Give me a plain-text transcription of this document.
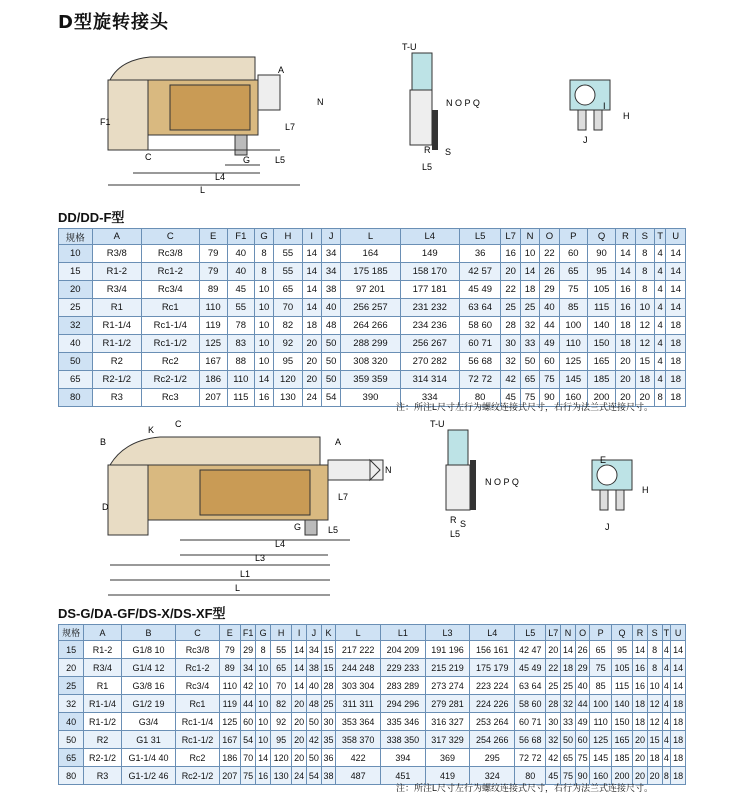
D型旋转接头
C
F1
G	L5
L4
L
L7
A
N
T-U
N O P Q
R S
L5
I
H
J
DD/DD-F型
规格	A	C	E	F1	G	H	I	J	L	L4	L5	L7	N	O	P	Q	R	S	T	U
10	R3/8	Rc3/8	79	40	8	55	14	34	164	149	36	16	10	22	60	90	14	8	4	14
15	R1-2	Rc1-2	79	40	8	55	14	34	175 185	158 170	42 57	20	14	26	65	95	14	8	4	14
20	R3/4	Rc3/4	89	45	10	65	14	38	97 201	177 181	45 49	22	18	29	75	105	16	8	4	14
25	R1	Rc1	110	55	10	70	14	40	256 257	231 232	63 64	25	25	40	85	115	16	10	4	14
32	R1-1/4	Rc1-1/4	119	78	10	82	18	48	264 266	234 236	58 60	28	32	44	100	140	18	12	4	18
40	R1-1/2	Rc1-1/2	125	83	10	92	20	50	288 299	256 267	60 71	30	33	49	110	150	18	12	4	18
50	R2	Rc2	167	88	10	95	20	50	308 320	270 282	56 68	32	50	60	125	165	20	15	4	18
65	R2-1/2	Rc2-1/2	186	110	14	120	20	50	359 359	314 314	72 72	42	65	75	145	185	20	18	4	18
80	R3	Rc3	207	115	16	130	24	54	390	334	80	45	75	90	160	200	20	20	8	18
注：所注L尺寸左行为螺纹连接式尺寸，右行为法兰式连接尺寸。
B
K
C
D
A
N
L7
G	L5
L4
L3
L1
L
T-U
N O P Q
R S
L5
E
H
J
DS-G/DA-GF/DS-X/DS-XF型
规格	A	B	C	E	F1	G	H	I	J	K	L	L1	L3	L4	L5	L7	N	O	P	Q	R	S	T	U
15	R1-2	G1/8 10	Rc3/8	79	29	8	55	14	34	15	217 222	204 209	191 196	156 161	42 47	20	14	26	65	95	14	8	4	14
20	R3/4	G1/4 12	Rc1-2	89	34	10	65	14	38	15	244 248	229 233	215 219	175 179	45 49	22	18	29	75	105	16	8	4	14
25	R1	G3/8 16	Rc3/4	110	42	10	70	14	40	28	303 304	283 289	273 274	223 224	63 64	25	25	40	85	115	16	10	4	14
32	R1-1/4	G1/2 19	Rc1	119	44	10	82	20	48	25	311 311	294 296	279 281	224 226	58 60	28	32	44	100	140	18	12	4	18
40	R1-1/2	G3/4	Rc1-1/4	125	60	10	92	20	50	30	353 364	335 346	316 327	253 264	60 71	30	33	49	110	150	18	12	4	18
50	R2	G1 31	Rc1-1/2	167	54	10	95	20	42	35	358 370	338 350	317 329	254 266	56 68	32	50	60	125	165	20	15	4	18
65	R2-1/2	G1-1/4 40	Rc2	186	70	14	120	20	50	36	422	394	369	295	72 72	42	65	75	145	185	20	18	4	18
80	R3	G1-1/2 46	Rc2-1/2	207	75	16	130	24	54	38	487	451	419	324	80	45	75	90	160	200	20	20	8	18
注：所注L尺寸左行为螺纹连接式尺寸，右行为法兰式连接尺寸。
